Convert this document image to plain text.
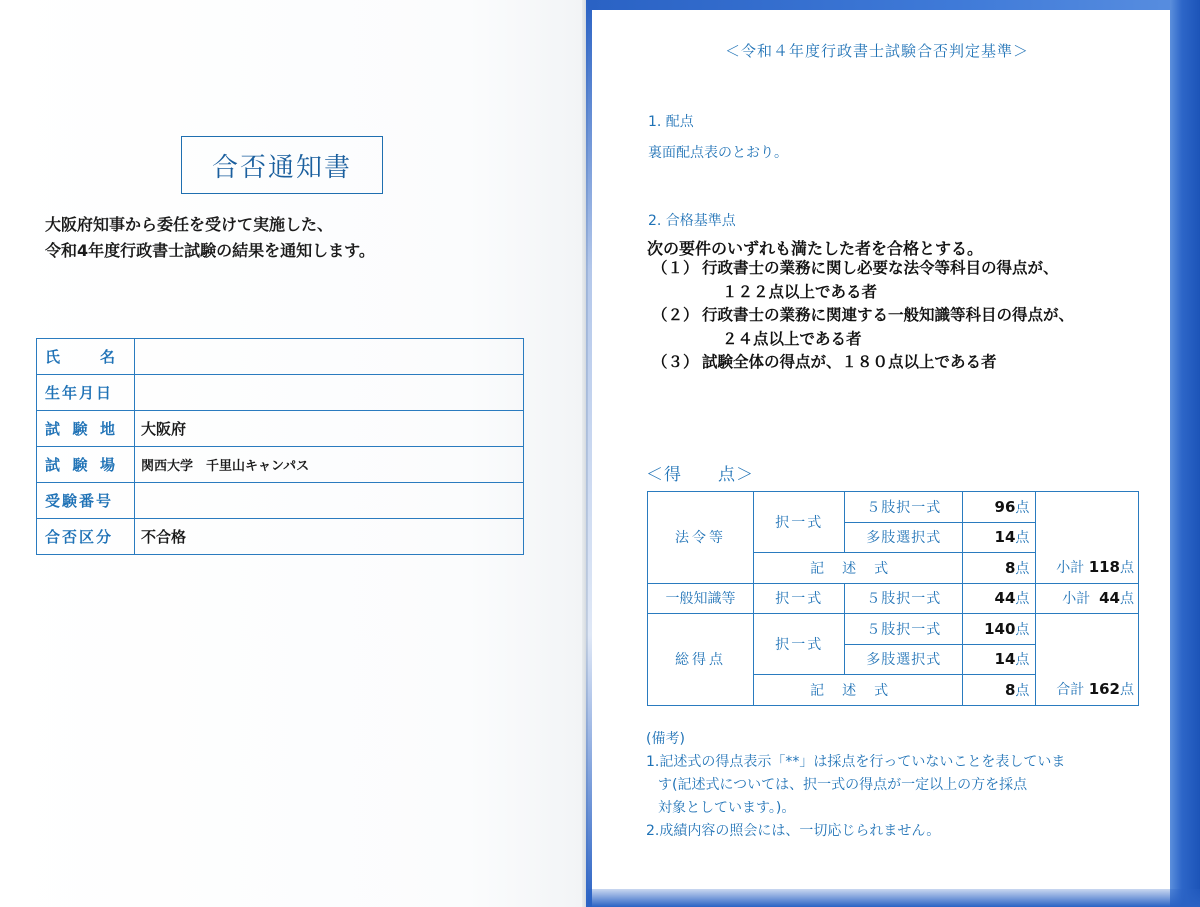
合否通知書
大阪府知事から委任を受けて実施した、
令和4年度行政書士試験の結果を通知します。
氏 名	

生年月日	

試 験 地	大阪府

試 験 場	関西大学　千里山キャンパス
受験番号	
合否区分	不合格
＜令和４年度行政書士試験合否判定基準＞
1. 配点
裏面配点表のとおり。
2. 合格基準点
次の要件のいずれも満たした者を合格とする。
（１） 行政書士の業務に関し必要な法令等科目の得点が、
１２２点以上である者
（２） 行政書士の業務に関連する一般知識等科目の得点が、
２４点以上である者
（３） 試験全体の得点が、１８０点以上である者
＜得　　点＞
法令等	択一式	５肢択一式	96点	小計 118点
		多肢選択式	14点	
	記述式		8点	
一般知識等	択一式	５肢択一式	44点	小計 44点
総得点	択一式	５肢択一式	140点	合計 162点
		多肢選択式	14点	
	記述式		8点	
(備考)
1.記述式の得点表示「**」は採点を行っていないことを表していま
す(記述式については、択一式の得点が一定以上の方を採点
対象としています。)。
2.成績内容の照会には、一切応じられません。
